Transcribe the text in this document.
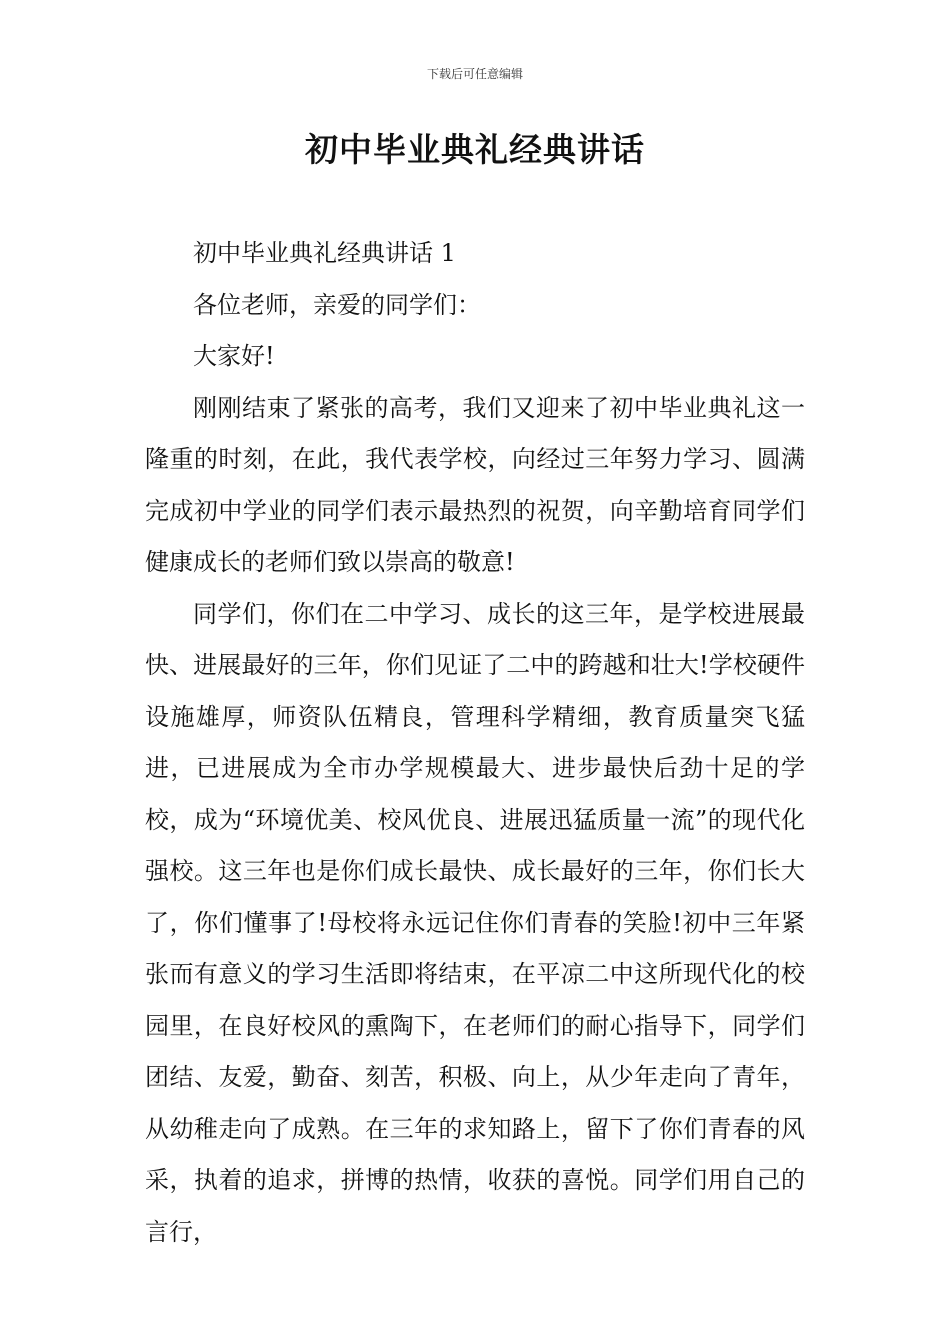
下载后可任意编辑
初中毕业典礼经典讲话

初中毕业典礼经典讲话 1

各位老师，亲爱的同学们：

大家好!

刚刚结束了紧张的高考，我们又迎来了初中毕业典礼这一隆重的时刻，在此，我代表学校，向经过三年努力学习、圆满完成初中学业的同学们表示最热烈的祝贺，向辛勤培育同学们健康成长的老师们致以崇高的敬意!

同学们，你们在二中学习、成长的这三年，是学校进展最快、进展最好的三年，你们见证了二中的跨越和壮大!学校硬件设施雄厚，师资队伍精良，管理科学精细，教育质量突飞猛进，已进展成为全市办学规模最大、进步最快后劲十足的学校，成为“环境优美、校风优良、进展迅猛质量一流”的现代化强校。这三年也是你们成长最快、成长最好的三年，你们长大了，你们懂事了!母校将永远记住你们青春的笑脸!初中三年紧张而有意义的学习生活即将结束，在平凉二中这所现代化的校园里，在良好校风的熏陶下，在老师们的耐心指导下，同学们团结、友爱，勤奋、刻苦，积极、向上，从少年走向了青年，从幼稚走向了成熟。在三年的求知路上，留下了你们青春的风采，执着的追求，拼博的热情，收获的喜悦。同学们用自己的言行，
